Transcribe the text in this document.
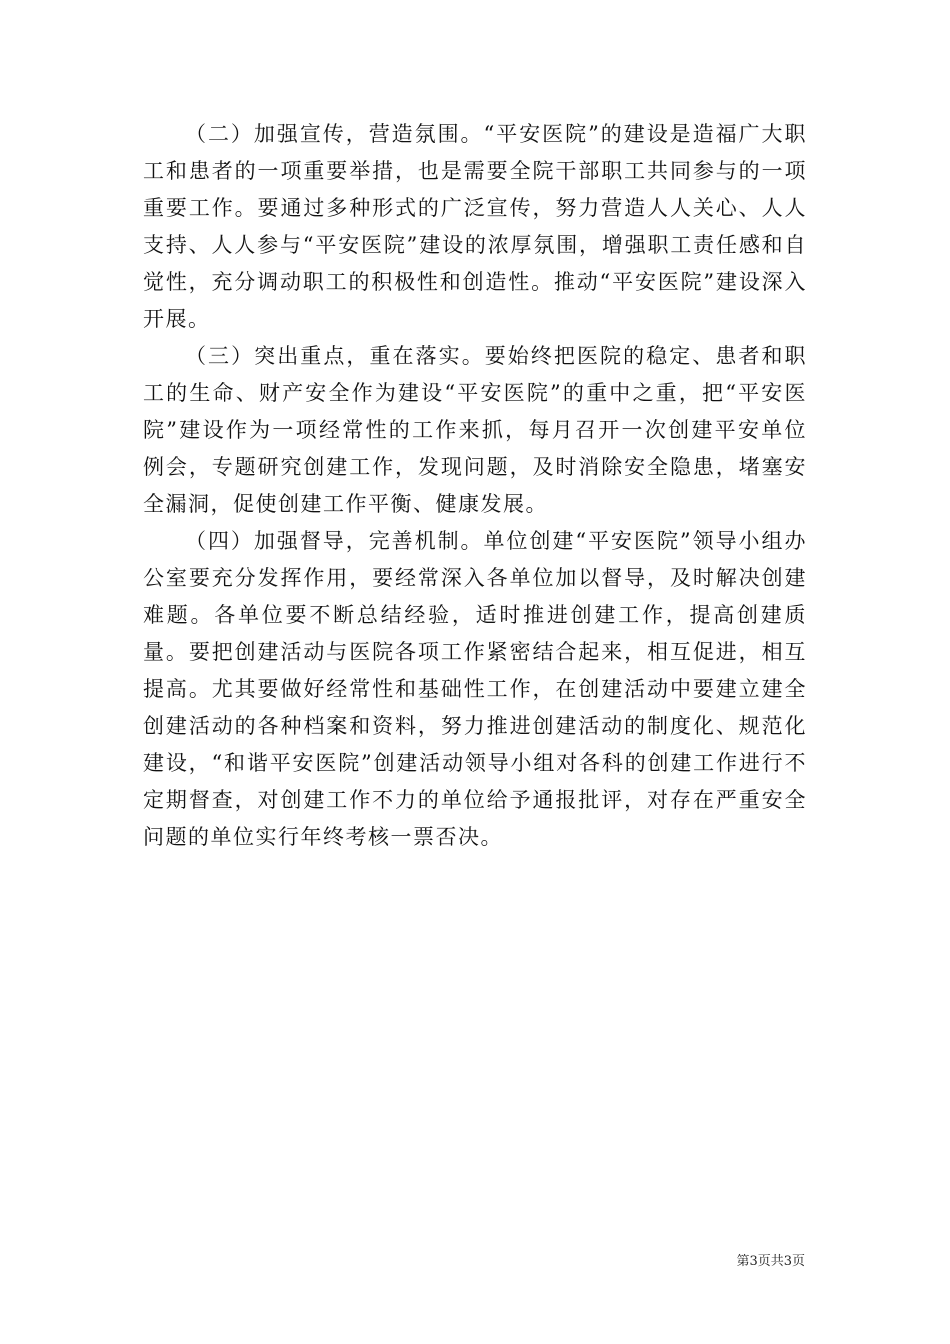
（二）加强宣传，营造氛围。“平安医院”的建设是造福广大职工和患者的一项重要举措，也是需要全院干部职工共同参与的一项重要工作。要通过多种形式的广泛宣传，努力营造人人关心、人人支持、人人参与“平安医院”建设的浓厚氛围，增强职工责任感和自觉性，充分调动职工的积极性和创造性。推动“平安医院”建设深入开展。

（三）突出重点，重在落实。要始终把医院的稳定、患者和职工的生命、财产安全作为建设“平安医院”的重中之重，把“平安医院”建设作为一项经常性的工作来抓，每月召开一次创建平安单位例会，专题研究创建工作，发现问题，及时消除安全隐患，堵塞安全漏洞，促使创建工作平衡、健康发展。

（四）加强督导，完善机制。单位创建“平安医院”领导小组办公室要充分发挥作用，要经常深入各单位加以督导，及时解决创建难题。各单位要不断总结经验，适时推进创建工作，提高创建质量。要把创建活动与医院各项工作紧密结合起来，相互促进，相互提高。尤其要做好经常性和基础性工作，在创建活动中要建立建全创建活动的各种档案和资料，努力推进创建活动的制度化、规范化建设，“和谐平安医院”创建活动领导小组对各科的创建工作进行不定期督查，对创建工作不力的单位给予通报批评，对存在严重安全问题的单位实行年终考核一票否决。

第3页共3页
